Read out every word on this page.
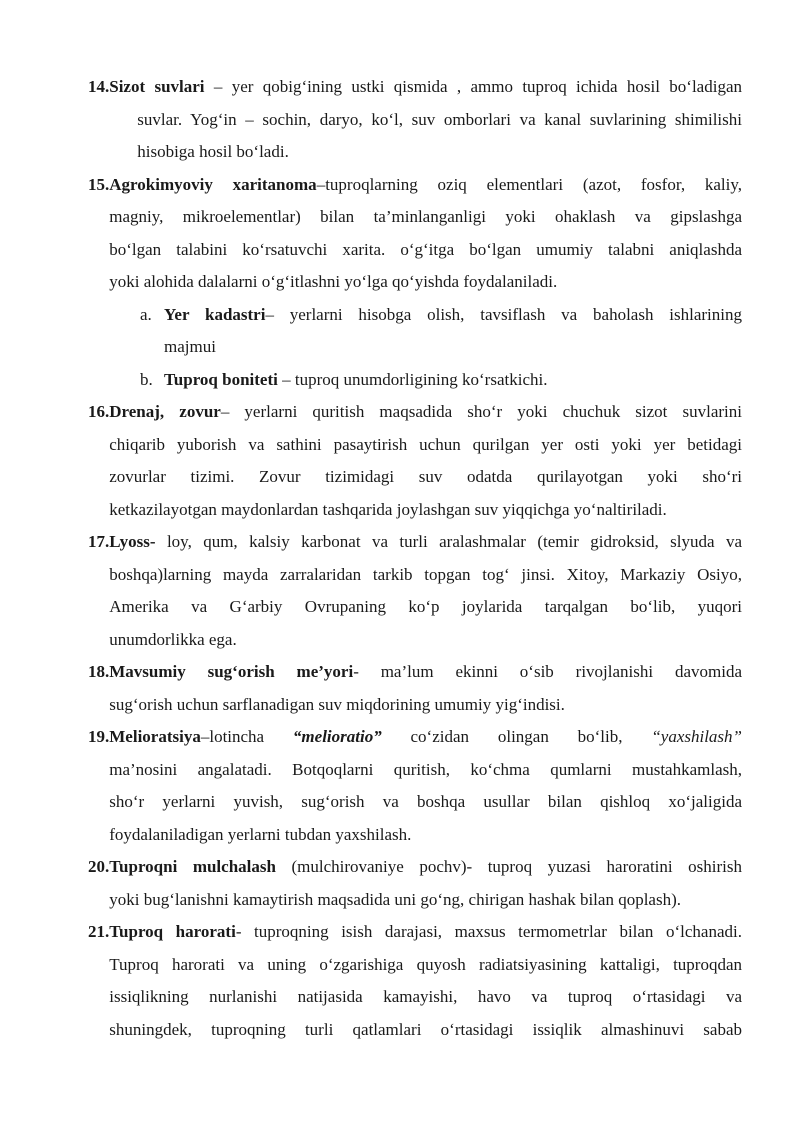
14. Sizot suvlari – yer qobig‘ining ustki qismida , ammo tuproq ichida hosil bo‘ladigan
suvlar. Yog‘in – sochin, daryo, ko‘l, suv omborlari va kanal suvlarining shimilishi
hisobiga hosil bo‘ladi.
15. Agrokimyoviy xaritanoma–tuproqlarning oziq elementlari (azot, fosfor, kaliy,
magniy, mikroelementlar) bilan ta’minlanganligi yoki ohaklash va gipslashga
bo‘lgan talabini ko‘rsatuvchi xarita. o‘g‘itga bo‘lgan umumiy talabni aniqlashda
yoki alohida dalalarni o‘g‘itlashni yo‘lga qo‘yishda foydalaniladi.
a. Yer kadastri– yerlarni hisobga olish, tavsiflash va baholash ishlarining
majmui
b. Tuproq boniteti – tuproq unumdorligining ko‘rsatkichi.
16. Drenaj, zovur– yerlarni quritish maqsadida sho‘r yoki chuchuk sizot suvlarini
chiqarib yuborish va sathini pasaytirish uchun qurilgan yer osti yoki yer betidagi
zovurlar tizimi. Zovur tizimidagi suv odatda qurilayotgan yoki sho‘ri
ketkazilayotgan maydonlardan tashqarida joylashgan suv yiqqichga yo‘naltiriladi.
17. Lyoss- loy, qum, kalsiy karbonat va turli aralashmalar (temir gidroksid, slyuda va
boshqa)larning mayda zarralaridan tarkib topgan tog‘ jinsi. Xitoy, Markaziy Osiyo,
Amerika va G‘arbiy Ovrupaning ko‘p joylarida tarqalgan bo‘lib, yuqori
unumdorlikka ega.
18. Mavsumiy sug‘orish me’yori- ma’lum ekinni o‘sib rivojlanishi davomida
sug‘orish uchun sarflanadigan suv miqdorining umumiy yig‘indisi.
19. Melioratsiya–lotincha “melioratio” co‘zidan olingan bo‘lib, “yaxshilash”
ma’nosini angalatadi. Botqoqlarni quritish, ko‘chma qumlarni mustahkamlash,
sho‘r yerlarni yuvish, sug‘orish va boshqa usullar bilan qishloq xo‘jaligida
foydalaniladigan yerlarni tubdan yaxshilash.
20. Tuproqni mulchalash (mulchirovaniye pochv)- tuproq yuzasi haroratini oshirish
yoki bug‘lanishni kamaytirish maqsadida uni go‘ng, chirigan hashak bilan qoplash).
21. Tuproq harorati- tuproqning isish darajasi, maxsus termometrlar bilan o‘lchanadi.
Tuproq harorati va uning o‘zgarishiga quyosh radiatsiyasining kattaligi, tuproqdan
issiqlikning nurlanishi natijasida kamayishi, havo va tuproq o‘rtasidagi va
shuningdek, tuproqning turli qatlamlari o‘rtasidagi issiqlik almashinuvi sabab
